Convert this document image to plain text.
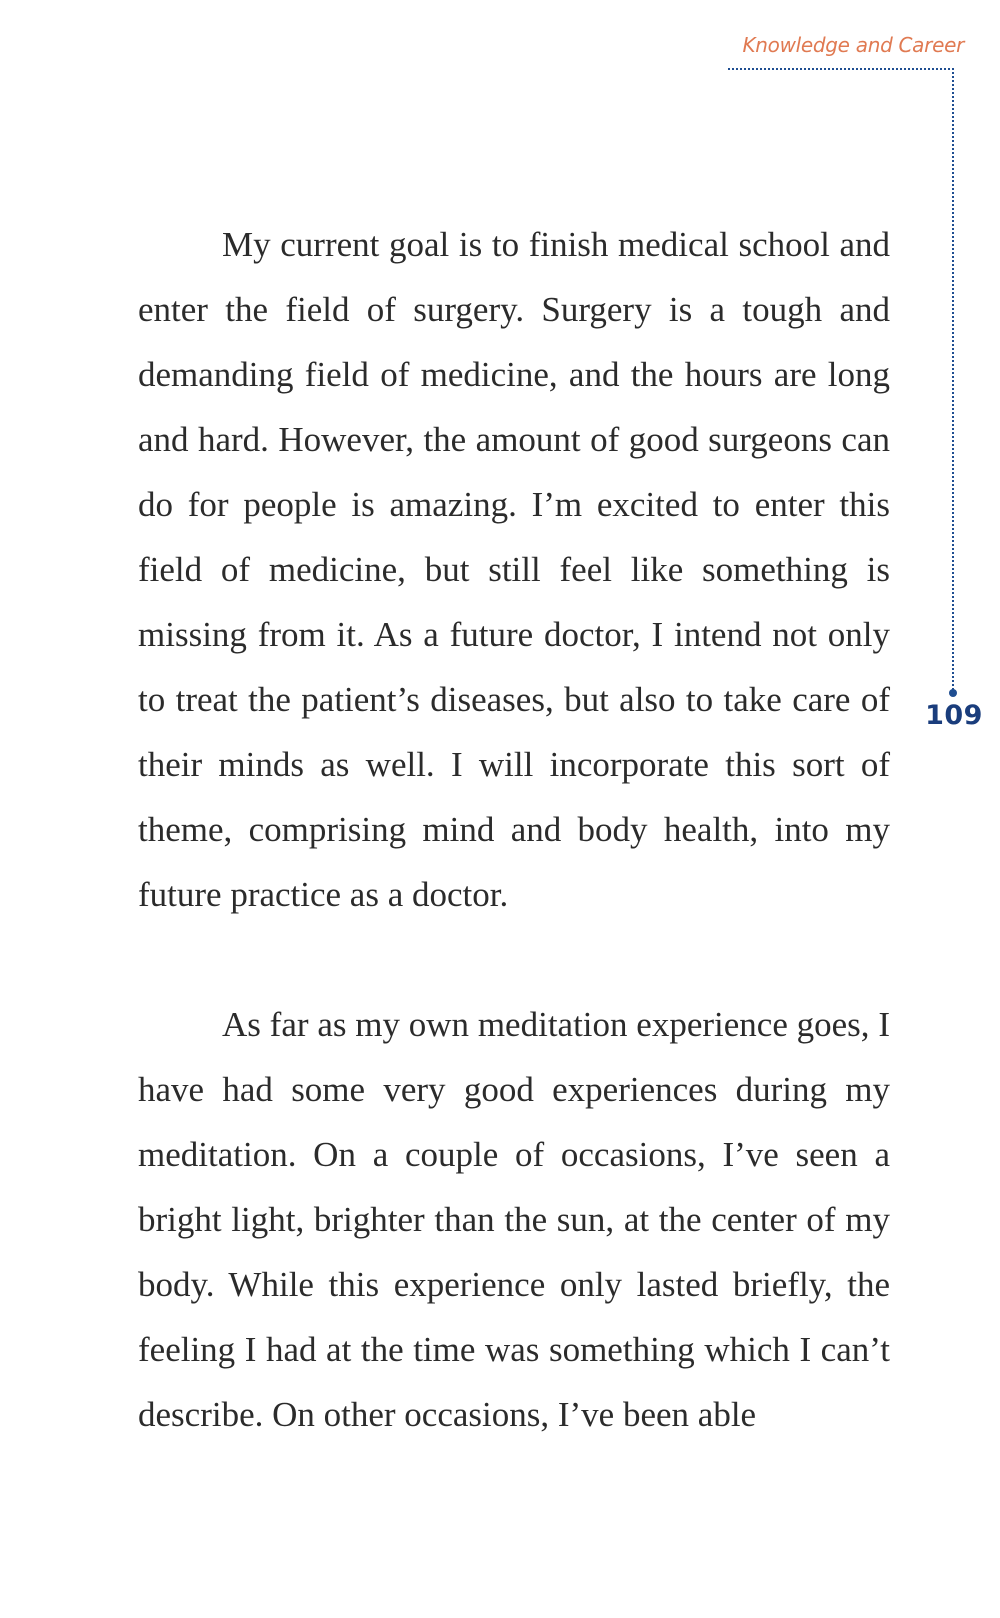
Knowledge and Career
109

My current goal is to finish medical school and enter the field of surgery. Surgery is a tough and demanding field of medicine, and the hours are long and hard. However, the amount of good surgeons can do for people is amazing. I’m excited to enter this field of medicine, but still feel like something is missing from it. As a future doctor, I intend not only to treat the patient’s diseases, but also to take care of their minds as well. I will incorporate this sort of theme, comprising mind and body health, into my future practice as a doctor.

As far as my own meditation experience goes, I have had some very good experiences during my meditation. On a couple of occasions, I’ve seen a bright light, brighter than the sun, at the center of my body. While this experience only lasted briefly, the feeling I had at the time was something which I can’t describe. On other occasions, I’ve been able
